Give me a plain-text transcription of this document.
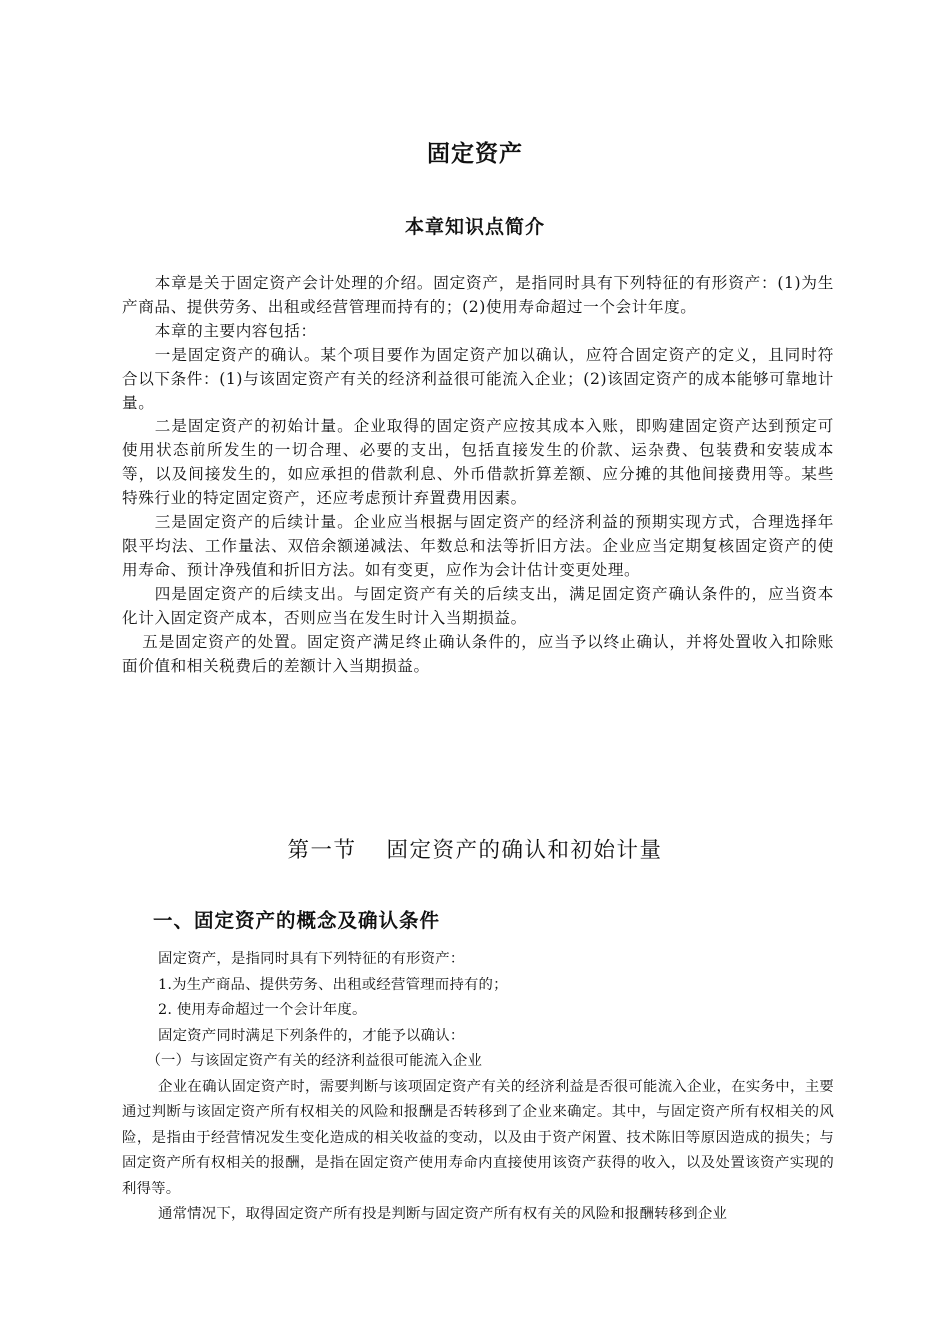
固定资产
本章知识点简介

本章是关于固定资产会计处理的介绍。固定资产，是指同时具有下列特征的有形资产：(1)为生产商品、提供劳务、出租或经营管理而持有的；(2)使用寿命超过一个会计年度。

本章的主要内容包括：

一是固定资产的确认。某个项目要作为固定资产加以确认，应符合固定资产的定义，且同时符合以下条件：(1)与该固定资产有关的经济利益很可能流入企业；(2)该固定资产的成本能够可靠地计量。

二是固定资产的初始计量。企业取得的固定资产应按其成本入账，即购建固定资产达到预定可使用状态前所发生的一切合理、必要的支出，包括直接发生的价款、运杂费、包装费和安装成本等，以及间接发生的，如应承担的借款利息、外币借款折算差额、应分摊的其他间接费用等。某些特殊行业的特定固定资产，还应考虑预计弃置费用因素。

三是固定资产的后续计量。企业应当根据与固定资产的经济利益的预期实现方式，合理选择年限平均法、工作量法、双倍余额递减法、年数总和法等折旧方法。企业应当定期复核固定资产的使用寿命、预计净残值和折旧方法。如有变更，应作为会计估计变更处理。

四是固定资产的后续支出。与固定资产有关的后续支出，满足固定资产确认条件的，应当资本化计入固定资产成本，否则应当在发生时计入当期损益。

五是固定资产的处置。固定资产满足终止确认条件的，应当予以终止确认，并将处置收入扣除账面价值和相关税费后的差额计入当期损益。

第一节 固定资产的确认和初始计量
一、固定资产的概念及确认条件

固定资产，是指同时具有下列特征的有形资产：

1.为生产商品、提供劳务、出租或经营管理而持有的；

2. 使用寿命超过一个会计年度。

固定资产同时满足下列条件的，才能予以确认：

（一）与该固定资产有关的经济利益很可能流入企业

企业在确认固定资产时，需要判断与该项固定资产有关的经济利益是否很可能流入企业，在实务中，主要通过判断与该固定资产所有权相关的风险和报酬是否转移到了企业来确定。其中，与固定资产所有权相关的风险，是指由于经营情况发生变化造成的相关收益的变动，以及由于资产闲置、技术陈旧等原因造成的损失；与固定资产所有权相关的报酬，是指在固定资产使用寿命内直接使用该资产获得的收入，以及处置该资产实现的利得等。

通常情况下，取得固定资产所有投是判断与固定资产所有权有关的风险和报酬转移到企业
